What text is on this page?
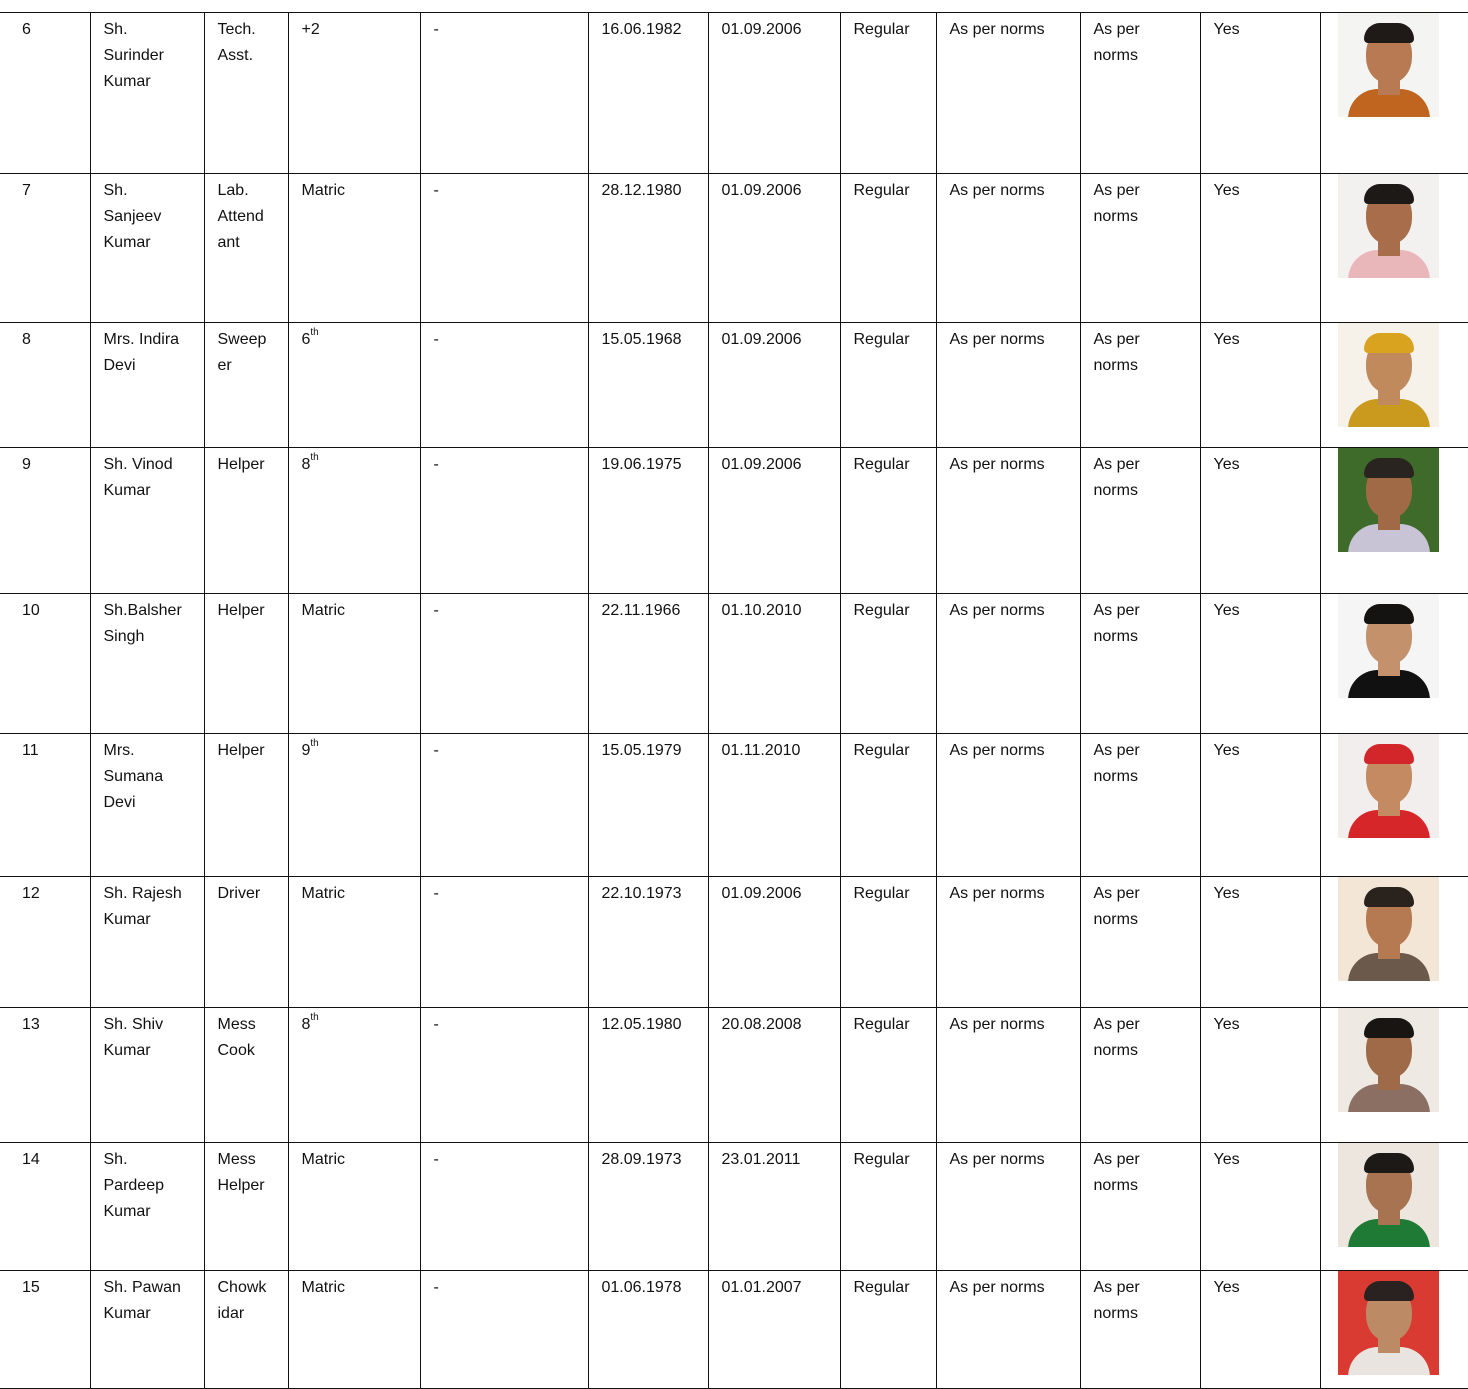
6	Sh.
Surinder
Kumar	Tech.
Asst.	+2	-	16.06.1982	01.09.2006	Regular	As per norms	As per
norms	Yes	

7	Sh.
Sanjeev
Kumar	Lab.
Attend
ant	Matric	-	28.12.1980	01.09.2006	Regular	As per norms	As per
norms	Yes	

8	Mrs. Indira
Devi	Sweep
er	6th	-	15.05.1968	01.09.2006	Regular	As per norms	As per
norms	Yes	

9	Sh. Vinod
Kumar	Helper	8th	-	19.06.1975	01.09.2006	Regular	As per norms	As per
norms	Yes	

10	Sh.Balsher
Singh	Helper	Matric	-	22.11.1966	01.10.2010	Regular	As per norms	As per
norms	Yes	

11	Mrs.
Sumana
Devi	Helper	9th	-	15.05.1979	01.11.2010	Regular	As per norms	As per
norms	Yes	

12	Sh. Rajesh
Kumar	Driver	Matric	-	22.10.1973	01.09.2006	Regular	As per norms	As per
norms	Yes	

13	Sh. Shiv
Kumar	Mess
Cook	8th	-	12.05.1980	20.08.2008	Regular	As per norms	As per
norms	Yes	

14	Sh.
Pardeep
Kumar	Mess
Helper	Matric	-	28.09.1973	23.01.2011	Regular	As per norms	As per
norms	Yes	

15	Sh. Pawan
Kumar	Chowk
idar	Matric	-	01.06.1978	01.01.2007	Regular	As per norms	As per
norms	Yes	
